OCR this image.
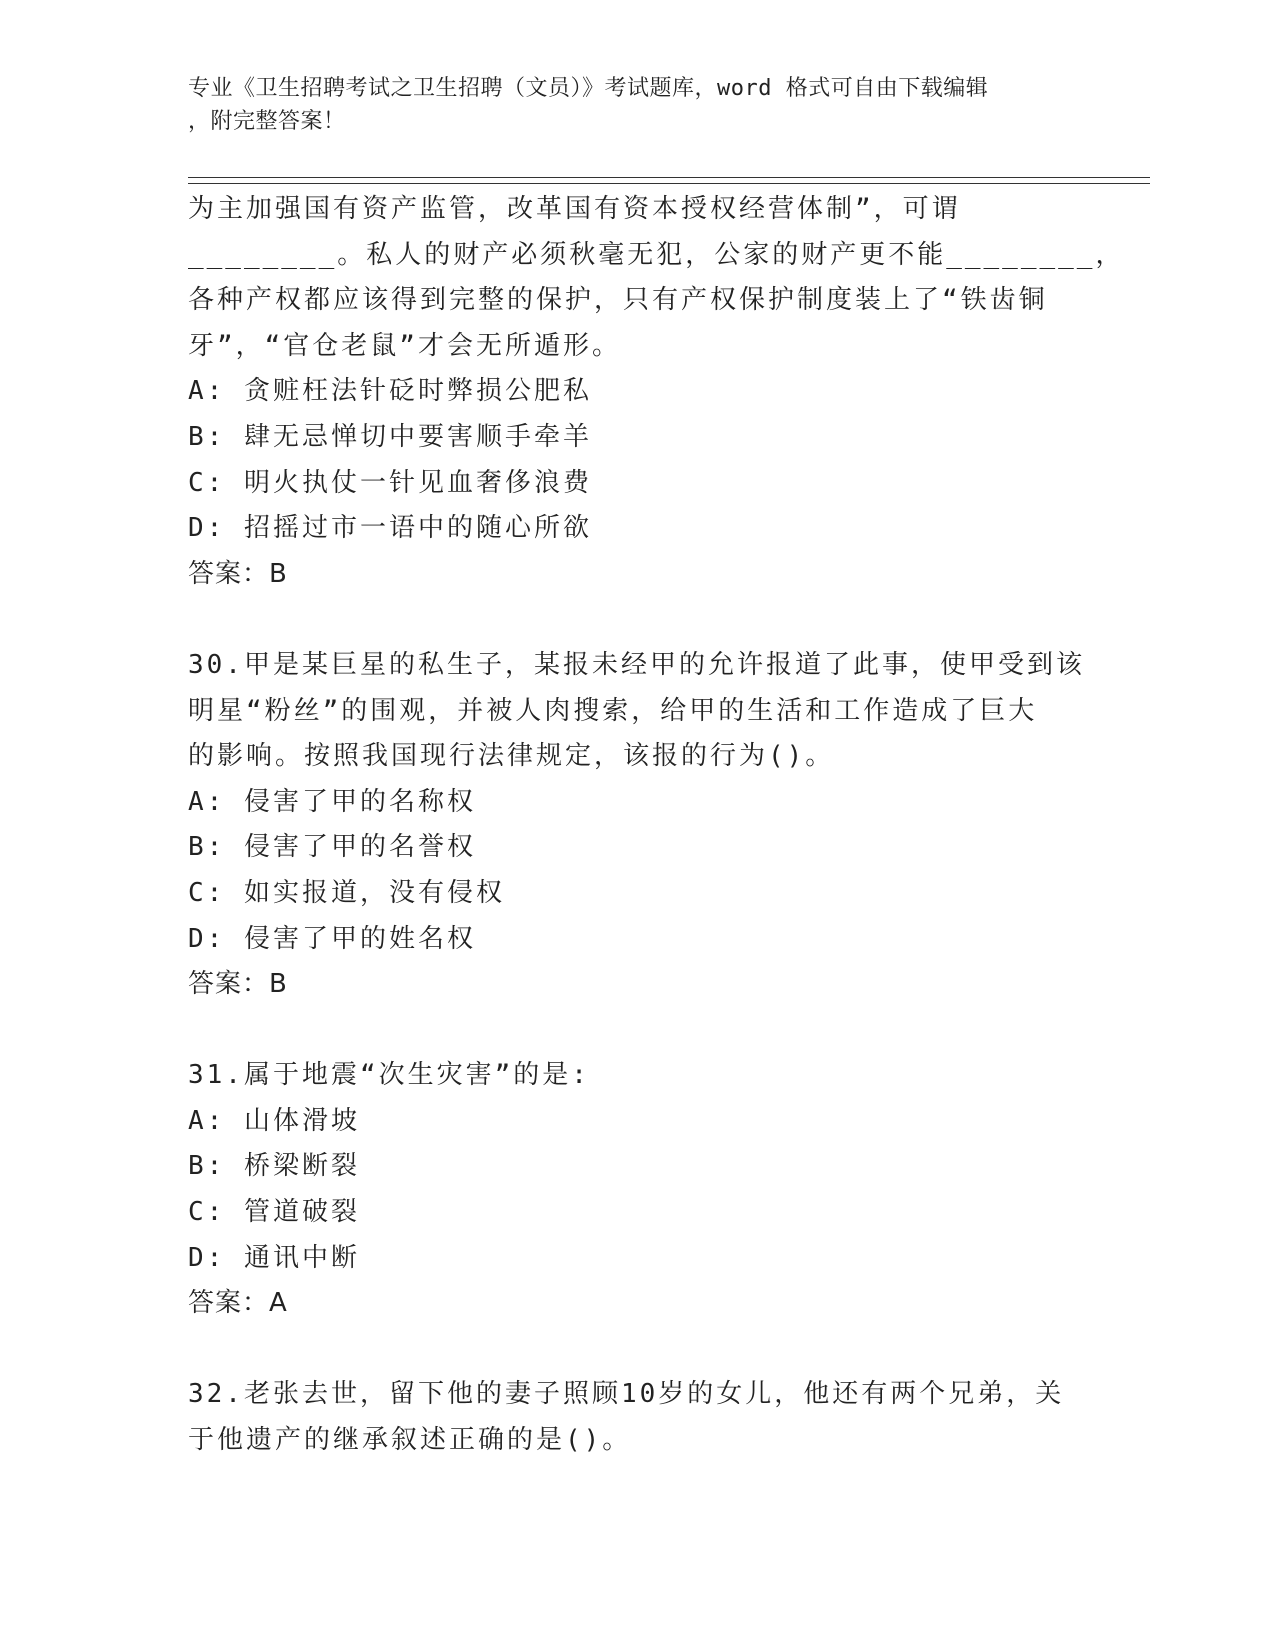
专业《卫生招聘考试之卫生招聘（文员）》考试题库，word 格式可自由下载编辑

，附完整答案！

为主加强国有资产监管，改革国有资本授权经营体制”，可谓

________。私人的财产必须秋毫无犯，公家的财产更不能________，

各种产权都应该得到完整的保护，只有产权保护制度装上了“铁齿铜

牙”，“官仓老鼠”才会无所遁形。

A: 贪赃枉法针砭时弊损公肥私

B: 肆无忌惮切中要害顺手牵羊

C: 明火执仗一针见血奢侈浪费

D: 招摇过市一语中的随心所欲

答案：B

30.甲是某巨星的私生子，某报未经甲的允许报道了此事，使甲受到该

明星“粉丝”的围观，并被人肉搜索，给甲的生活和工作造成了巨大

的影响。按照我国现行法律规定，该报的行为()。

A: 侵害了甲的名称权

B: 侵害了甲的名誉权

C: 如实报道，没有侵权

D: 侵害了甲的姓名权

答案：B

31.属于地震“次生灾害”的是:

A: 山体滑坡

B: 桥梁断裂

C: 管道破裂

D: 通讯中断

答案：A

32.老张去世，留下他的妻子照顾10岁的女儿，他还有两个兄弟，关

于他遗产的继承叙述正确的是()。
